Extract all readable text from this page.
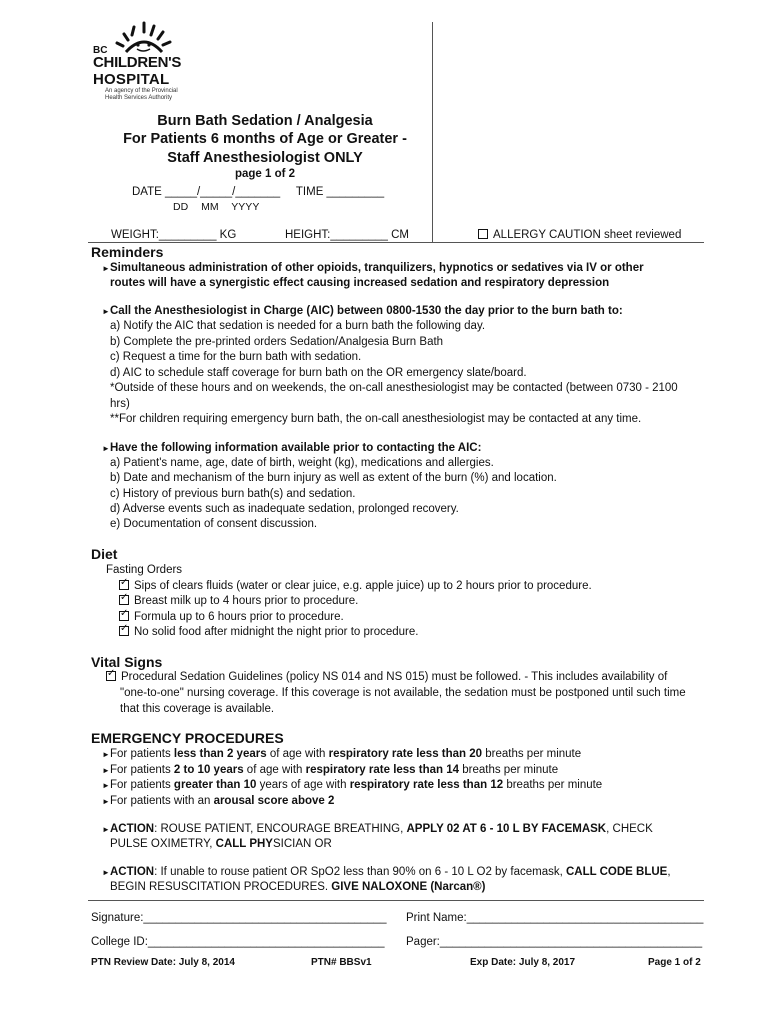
BC
CHILDREN'S
HOSPITAL
An agency of the Provincial
Health Services Authority
Burn Bath Sedation / Analgesia
For Patients 6 months of Age or Greater -
Staff Anesthesiologist ONLY
page 1 of 2
DATE _____/_____/_______     TIME _________
DD MM YYYY
WEIGHT:_________ KG	HEIGHT:_________ CM	ALLERGY CAUTION sheet reviewed
Reminders
► Simultaneous administration of other opioids, tranquilizers, hypnotics or sedatives via IV or other
routes will have a synergistic effect causing increased sedation and respiratory depression
► Call the Anesthesiologist in Charge (AIC) between 0800-1530 the day prior to the burn bath to:
a) Notify the AIC that sedation is needed for a burn bath the following day.
b) Complete the pre-printed orders Sedation/Analgesia Burn Bath
c) Request a time for the burn bath with sedation.
d) AIC to schedule staff coverage for burn bath on the OR emergency slate/board.
*Outside of these hours and on weekends, the on-call anesthesiologist may be contacted (between 0730 - 2100
hrs)
**For children requiring emergency burn bath, the on-call anesthesiologist may be contacted at any time.
► Have the following information available prior to contacting the AIC:
a) Patient's name, age, date of birth, weight (kg), medications and allergies.
b) Date and mechanism of the burn injury as well as extent of the burn (%) and location.
c) History of previous burn bath(s) and sedation.
d) Adverse events such as inadequate sedation, prolonged recovery.
e) Documentation of consent discussion.
Diet
Fasting Orders
✓Sips of clears fluids (water or clear juice, e.g. apple juice) up to 2 hours prior to procedure.
✓Breast milk up to 4 hours prior to procedure.
✓Formula up to 6 hours prior to procedure.
✓No solid food after midnight the night prior to procedure.
Vital Signs
✓Procedural Sedation Guidelines (policy NS 014 and NS 015) must be followed. - This includes availability of
"one-to-one" nursing coverage. If this coverage is not available, the sedation must be postponed until such time
that this coverage is available.
EMERGENCY PROCEDURES
► For patients less than 2 years of age with respiratory rate less than 20 breaths per minute
► For patients 2 to 10 years of age with respiratory rate less than 14 breaths per minute
► For patients greater than 10 years of age with respiratory rate less than 12 breaths per minute
► For patients with an arousal score above 2
► ACTION: ROUSE PATIENT, ENCOURAGE BREATHING, APPLY 02 AT 6 - 10 L BY FACEMASK, CHECK
PULSE OXIMETRY, CALL PHYSICIAN OR
► ACTION: If unable to rouse patient OR SpO2 less than 90% on 6 - 10 L O2 by facemask, CALL CODE BLUE,
BEGIN RESUSCITATION PROCEDURES. GIVE NALOXONE (Narcan®)
Signature:______________________________________ Print Name:_____________________________________
College ID:_____________________________________ Pager:_________________________________________
PTN Review Date: July 8, 2014	PTN# BBSv1	Exp Date: July 8, 2017	Page 1 of 2
